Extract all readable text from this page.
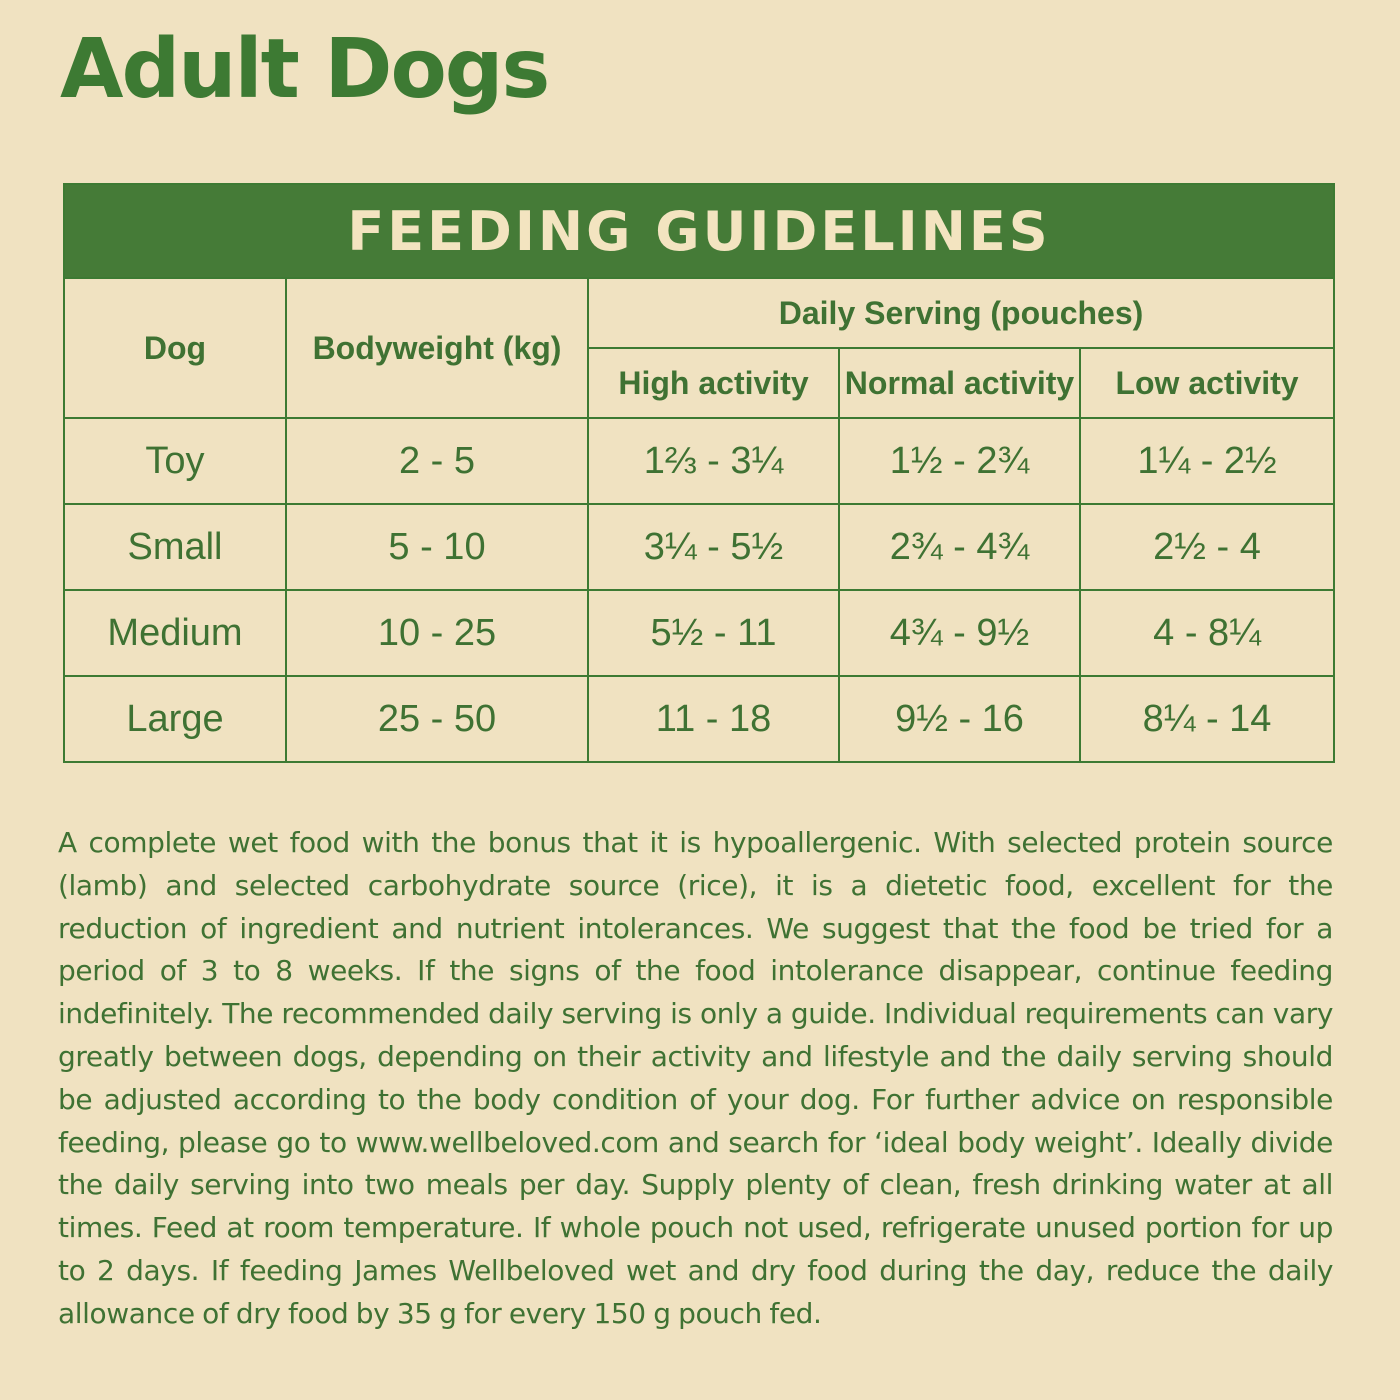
Adult Dogs
FEEDING GUIDELINES				
Dog	Bodyweight (kg)	Daily Serving (pouches)		
		High activity	Normal activity	Low activity
Toy	2 - 5	1⅔ - 3¼	1½ - 2¾	1¼ - 2½
Small	5 - 10	3¼ - 5½	2¾ - 4¾	2½ - 4
Medium	10 - 25	5½ - 11	4¾ - 9½	4 - 8¼
Large	25 - 50	11 - 18	9½ - 16	8¼ - 14

A complete wet food with the bonus that it is hypoallergenic. With selected protein source (lamb) and selected carbohydrate source (rice), it is a dietetic food, excellent for the reduction of ingredient and nutrient intolerances. We suggest that the food be tried for a period of 3 to 8 weeks. If the signs of the food intolerance disappear, continue feeding indefinitely. The recommended daily serving is only a guide. Individual requirements can vary greatly between dogs, depending on their activity and lifestyle and the daily serving should be adjusted according to the body condition of your dog. For further advice on responsible feeding, please go to www.wellbeloved.com and search for ‘ideal body weight’. Ideally divide the daily serving into two meals per day. Supply plenty of clean, fresh drinking water at all times. Feed at room temperature. If whole pouch not used, refrigerate unused portion for up to 2 days. If feeding James Wellbeloved wet and dry food during the day, reduce the daily allowance of dry food by 35 g for every 150 g pouch fed.
